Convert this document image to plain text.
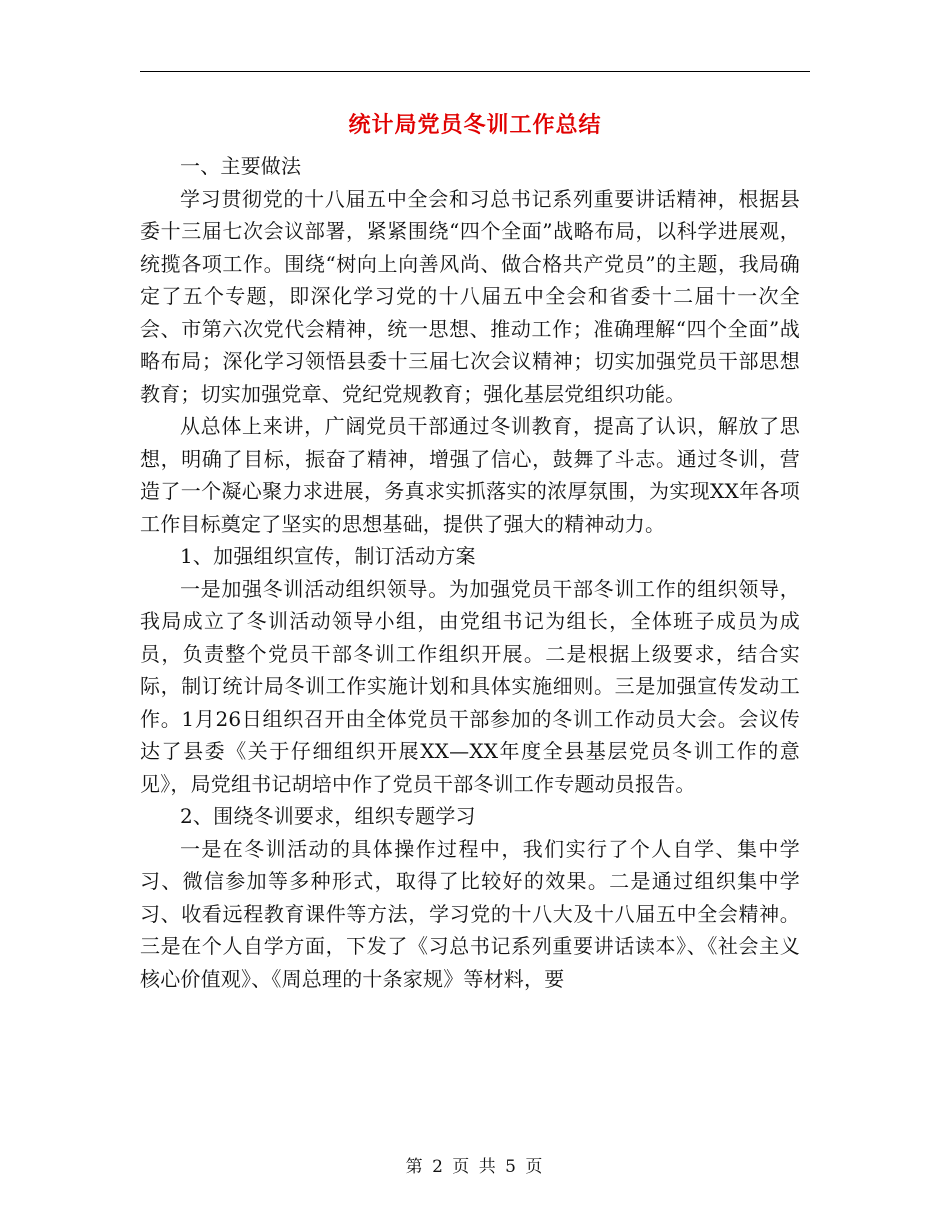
统计局党员冬训工作总结

一、主要做法

学习贯彻党的十八届五中全会和习总书记系列重要讲话精神，根据县委十三届七次会议部署，紧紧围绕“四个全面”战略布局，以科学进展观，统揽各项工作。围绕“树向上向善风尚、做合格共产党员”的主题，我局确定了五个专题，即深化学习党的十八届五中全会和省委十二届十一次全会、市第六次党代会精神，统一思想、推动工作；准确理解“四个全面”战略布局；深化学习领悟县委十三届七次会议精神；切实加强党员干部思想教育；切实加强党章、党纪党规教育；强化基层党组织功能。

从总体上来讲，广阔党员干部通过冬训教育，提高了认识，解放了思想，明确了目标，振奋了精神，增强了信心，鼓舞了斗志。通过冬训，营造了一个凝心聚力求进展，务真求实抓落实的浓厚氛围，为实现XX年各项工作目标奠定了坚实的思想基础，提供了强大的精神动力。

1、加强组织宣传，制订活动方案

一是加强冬训活动组织领导。为加强党员干部冬训工作的组织领导，我局成立了冬训活动领导小组，由党组书记为组长，全体班子成员为成员，负责整个党员干部冬训工作组织开展。二是根据上级要求，结合实际，制订统计局冬训工作实施计划和具体实施细则。三是加强宣传发动工作。1月26日组织召开由全体党员干部参加的冬训工作动员大会。会议传达了县委《关于仔细组织开展XX—XX年度全县基层党员冬训工作的意见》，局党组书记胡培中作了党员干部冬训工作专题动员报告。

2、围绕冬训要求，组织专题学习

一是在冬训活动的具体操作过程中，我们实行了个人自学、集中学习、微信参加等多种形式，取得了比较好的效果。二是通过组织集中学习、收看远程教育课件等方法，学习党的十八大及十八届五中全会精神。三是在个人自学方面，下发了《习总书记系列重要讲话读本》、《社会主义核心价值观》、《周总理的十条家规》等材料，要

第 2 页 共 5 页
